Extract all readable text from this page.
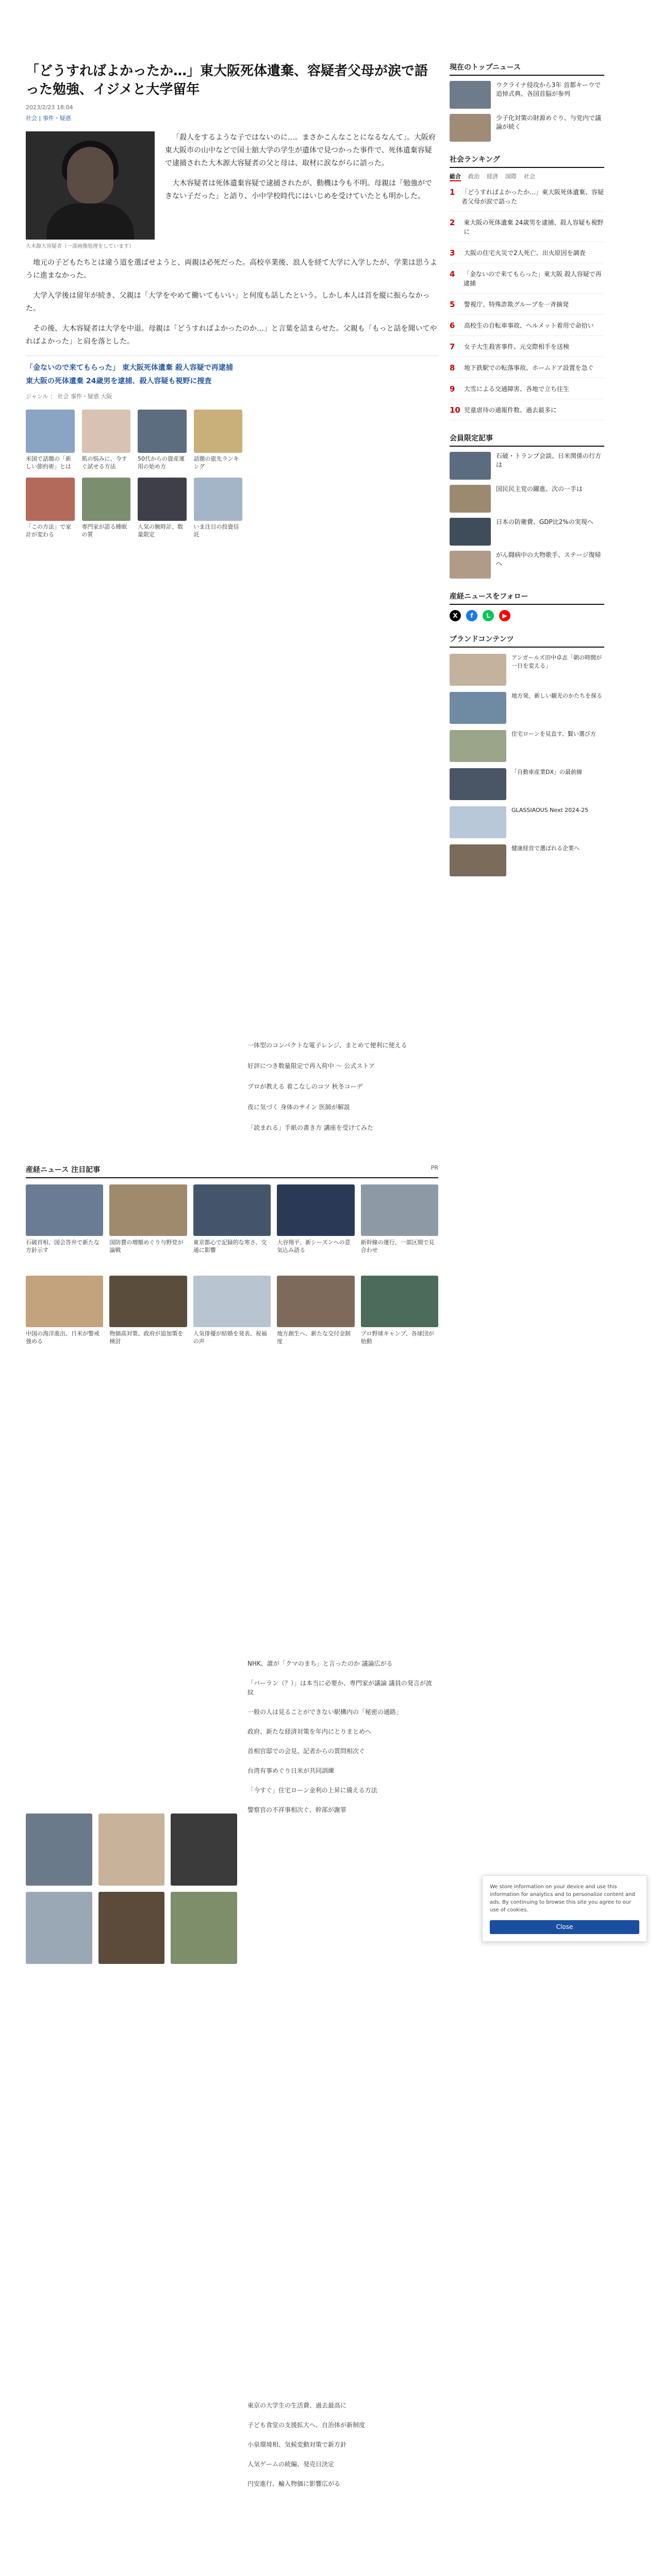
「どうすればよかったか…」東大阪死体遺棄、容疑者父母が涙で語った勉強、イジメと大学留年
2023/2/23 18:04
社会 | 事件・疑惑
大木源大容疑者（一部画像処理をしています）

「殺人をするような子ではないのに…。まさかこんなことになるなんて」。大阪府東大阪市の山中などで国士舘大学の学生が遺体で見つかった事件で、死体遺棄容疑で逮捕された大木源大容疑者の父と母は、取材に涙ながらに語った。

大木容疑者は死体遺棄容疑で逮捕されたが、動機は今も不明。母親は「勉強ができない子だった」と語り、小中学校時代にはいじめを受けていたとも明かした。

地元の子どもたちとは違う道を選ばせようと、両親は必死だった。高校卒業後、浪人を経て大学に入学したが、学業は思うように進まなかった。

大学入学後は留年が続き、父親は「大学をやめて働いてもいい」と何度も話したという。しかし本人は首を縦に振らなかった。

その後、大木容疑者は大学を中退。母親は「どうすればよかったのか…」と言葉を詰まらせた。父親も「もっと話を聞いてやればよかった」と肩を落とした。

「金ないので来てもらった」 東大阪死体遺棄 殺人容疑で再逮捕
東大阪の死体遺棄 24歳男を逮捕、殺人容疑も視野に捜査
ジャンル ： 社会 事件・疑惑 大阪
米国で話題の「新しい節約術」とは
肌の悩みに、今すぐ試せる方法
50代からの資産運用の始め方
話題の旅先ランキング
「この方法」で家計が変わる
専門家が語る睡眠の質
人気の腕時計、数量限定
いま注目の投資信託
一体型のコンパクトな電子レンジ、まとめて便利に使える
好評につき数量限定で再入荷中 〜 公式ストア
プロが教える 着こなしのコツ 秋冬コーデ
夜に気づく 身体のサイン 医師が解説
「読まれる」手紙の書き方 講座を受けてみた
産経ニュース 注目記事	PR
石破首相、国会答弁で新たな方針示す
国防費の増額めぐり与野党が論戦
東京都心で記録的な寒さ、交通に影響
大谷翔平、新シーズンへの意気込み語る
新幹線の運行、一部区間で見合わせ
中国の海洋進出、日米が警戒強める
物価高対策、政府が追加策を検討
人気俳優が結婚を発表、祝福の声
地方創生へ、新たな交付金制度
プロ野球キャンプ、各球団が始動
NHK、誰が「クマのまち」と言ったのか 議論広がる
「バーラン（？）」は本当に必要か、専門家が議論 議員の発言が波紋
一般の人は見ることができない駅構内の「秘密の通路」
政府、新たな経済対策を年内にとりまとめへ
首相官邸での会見、記者からの質問相次ぐ
台湾有事めぐり日米が共同訓練
「今すぐ」住宅ローン金利の上昇に備える方法
警察官の不祥事相次ぐ、幹部が謝罪
東京の大学生の生活費、過去最高に
子ども食堂の支援拡大へ、自治体が新制度
小泉環境相、気候変動対策で新方針
人気ゲームの続編、発売日決定
円安進行、輸入物価に影響広がる
現在のトップニュース
ウクライナ侵攻から3年 首都キーウで追悼式典、各国首脳が参列
少子化対策の財源めぐり、与党内で議論が続く
社会ランキング
総合 政治 経済 国際 社会
1 「どうすればよかったか…」東大阪死体遺棄、容疑者父母が涙で語った
2	東大阪の死体遺棄 24歳男を逮捕、殺人容疑も視野に
3	大阪の住宅火災で2人死亡、出火原因を調査
4	「金ないので来てもらった」東大阪 殺人容疑で再逮捕
5	警視庁、特殊詐欺グループを一斉摘発
6	高校生の自転車事故、ヘルメット着用で命拾い
7	女子大生殺害事件、元交際相手を送検
8	地下鉄駅での転落事故、ホームドア設置を急ぐ
9	大雪による交通障害、各地で立ち往生
10 児童虐待の通報件数、過去最多に
会員限定記事
石破・トランプ会談、日米関係の行方は
国民民主党の躍進、次の一手は
日本の防衛費、GDP比2%の実現へ
がん闘病中の大物歌手、ステージ復帰へ
産経ニュースをフォロー
X	f	L	▶
ブランドコンテンツ
アンガールズ田中卓志「朝の時間が一日を変える」
地方発、新しい観光のかたちを探る
住宅ローンを見直す、賢い選び方
「自動車産業DX」の最前線
GLASSIAOUS Next 2024-25
健康経営で選ばれる企業へ
We store information on your device and use this information for analytics and to personalize content and ads. By continuing to browse this site you agree to our use of cookies.
Close
